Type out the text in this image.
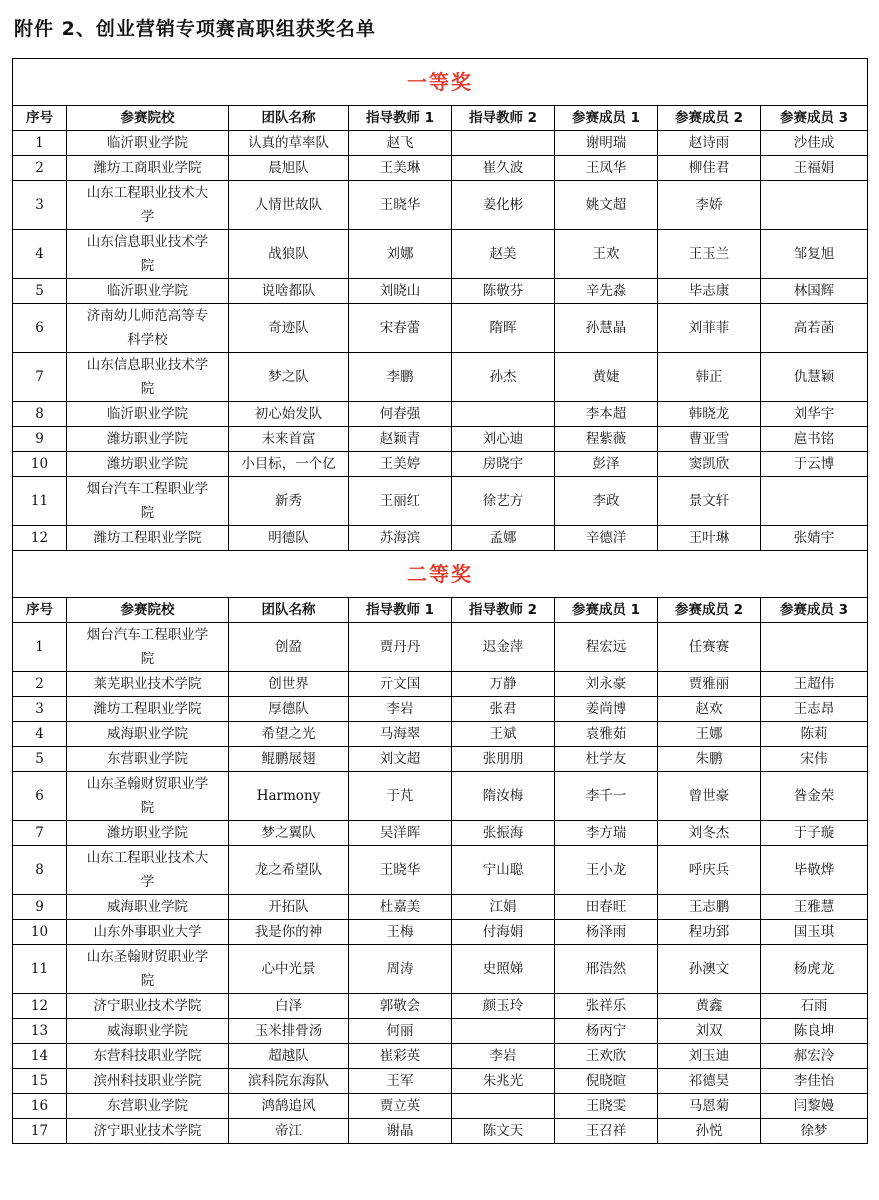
附件 2、创业营销专项赛高职组获奖名单
一等奖							
序号	参赛院校	团队名称	指导教师 1	指导教师 2	参赛成员 1	参赛成员 2	参赛成员 3
1	临沂职业学院	认真的草率队	赵飞		谢明瑞	赵诗雨	沙佳成
2	潍坊工商职业学院	晨旭队	王美琳	崔久波	王凤华	柳佳君	王福娟
3	山东工程职业技术大学	人情世故队	王晓华	姜化彬	姚文超	李娇	
4	山东信息职业技术学院	战狼队	刘娜	赵美	王欢	王玉兰	邹复旭
5	临沂职业学院	说啥都队	刘晓山	陈敬芬	辛先淼	毕志康	林国辉
6	济南幼儿师范高等专科学校	奇迹队	宋春蕾	隋晖	孙慧晶	刘菲菲	高若菡
7	山东信息职业技术学院	梦之队	李鹏	孙杰	黄婕	韩正	仇慧颖
8	临沂职业学院	初心始发队	何春强		李本超	韩晓龙	刘华宇
9	潍坊职业学院	未来首富	赵颖青	刘心迪	程紫薇	曹亚雪	扈书铭
10	潍坊职业学院	小目标，一个亿	王美婷	房晓宇	彭泽	窦凯欣	于云博
11	烟台汽车工程职业学院	新秀	王丽红	徐艺方	李政	景文轩	
12	潍坊工程职业学院	明德队	苏海滨	孟娜	辛德洋	王叶琳	张婧宇
二等奖							
序号	参赛院校	团队名称	指导教师 1	指导教师 2	参赛成员 1	参赛成员 2	参赛成员 3
1	烟台汽车工程职业学院	创盈	贾丹丹	迟金萍	程宏远	任赛赛	
2	莱芜职业技术学院	创世界	亓文国	万静	刘永豪	贾雅丽	王超伟
3	潍坊工程职业学院	厚德队	李岩	张君	姜尚博	赵欢	王志昂
4	威海职业学院	希望之光	马海翠	王斌	袁雅茹	王娜	陈莉
5	东营职业学院	鲲鹏展翅	刘文超	张朋朋	杜学友	朱鹏	宋伟
6	山东圣翰财贸职业学院	Harmony	于芃	隋汝梅	李千一	曾世豪	昝金荣
7	潍坊职业学院	梦之翼队	吴洋晖	张振海	李方瑞	刘冬杰	于子璇
8	山东工程职业技术大学	龙之希望队	王晓华	宁山聪	王小龙	呼庆兵	毕敬烨
9	威海职业学院	开拓队	杜嘉美	江娟	田春旺	王志鹏	王雅慧
10	山东外事职业大学	我是你的神	王梅	付海娟	杨泽雨	程功郅	国玉琪
11	山东圣翰财贸职业学院	心中光景	周涛	史照娣	邢浩然	孙澳文	杨虎龙
12	济宁职业技术学院	白泽	郭敬会	颜玉玲	张祥乐	黄鑫	石雨
13	威海职业学院	玉米排骨汤	何丽		杨丙宁	刘双	陈良坤
14	东营科技职业学院	超越队	崔彩英	李岩	王欢欣	刘玉迪	郝宏泠
15	滨州科技职业学院	滨科院东海队	王军	朱兆光	倪晓暄	祁德昊	李佳怡
16	东营职业学院	鸿鹄追风	贾立英		王晓雯	马恩菊	闫黎嫚
17	济宁职业技术学院	帝江	谢晶	陈文天	王召祥	孙悦	徐梦
